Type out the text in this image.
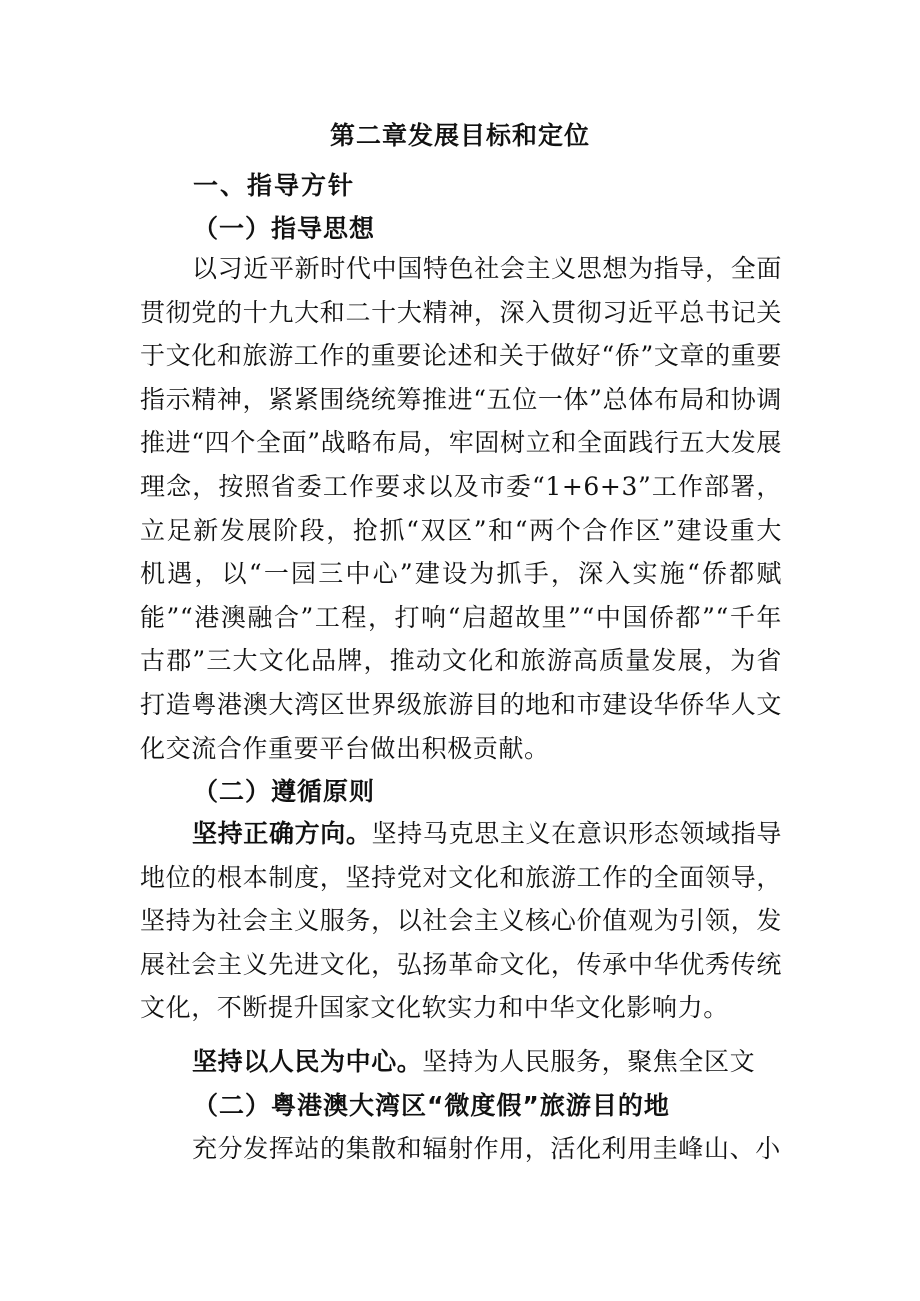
第二章发展目标和定位
一、指导方针
（一）指导思想

以习近平新时代中国特色社会主义思想为指导，全面贯彻党的十九大和二十大精神，深入贯彻习近平总书记关于文化和旅游工作的重要论述和关于做好“侨”文章的重要指示精神，紧紧围绕统筹推进“五位一体”总体布局和协调推进“四个全面”战略布局，牢固树立和全面践行五大发展理念，按照省委工作要求以及市委“1+6+3”工作部署，立足新发展阶段，抢抓“双区”和“两个合作区”建设重大机遇，以“一园三中心”建设为抓手，深入实施“侨都赋能”“港澳融合”工程，打响“启超故里”“中国侨都”“千年古郡”三大文化品牌，推动文化和旅游高质量发展，为省打造粤港澳大湾区世界级旅游目的地和市建设华侨华人文化交流合作重要平台做出积极贡献。

（二）遵循原则

坚持正确方向。坚持马克思主义在意识形态领域指导地位的根本制度，坚持党对文化和旅游工作的全面领导，坚持为社会主义服务，以社会主义核心价值观为引领，发展社会主义先进文化，弘扬革命文化，传承中华优秀传统文化，不断提升国家文化软实力和中华文化影响力。

坚持以人民为中心。坚持为人民服务，聚焦全区文

（二）粤港澳大湾区“微度假”旅游目的地

充分发挥站的集散和辐射作用，活化利用圭峰山、小
